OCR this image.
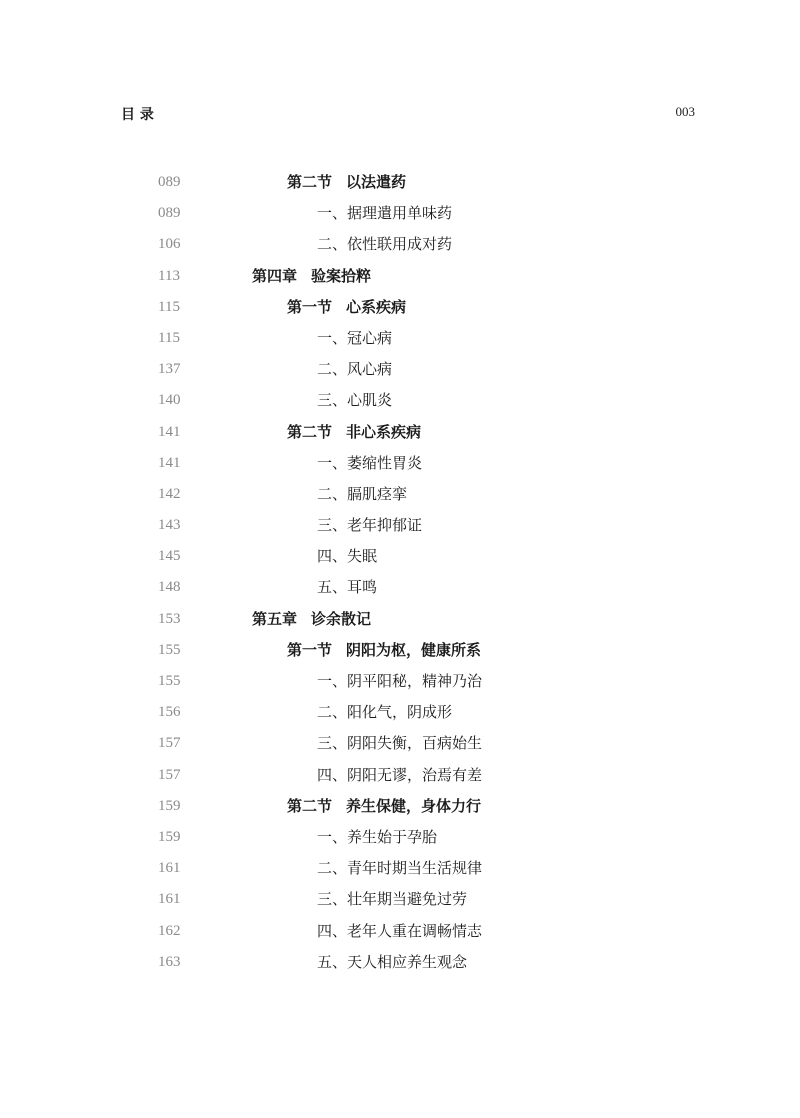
目 录	003
089	第二节 以法遣药
089	一、据理遣用单味药
106	二、依性联用成对药
113	第四章 验案拾粹
115	第一节 心系疾病
115	一、冠心病
137	二、风心病
140	三、心肌炎
141	第二节 非心系疾病
141	一、萎缩性胃炎
142	二、膈肌痉挛
143	三、老年抑郁证
145	四、失眠
148	五、耳鸣
153	第五章 诊余散记
155	第一节 阴阳为枢，健康所系
155	一、阴平阳秘，精神乃治
156	二、阳化气，阴成形
157	三、阴阳失衡，百病始生
157	四、阴阳无谬，治焉有差
159	第二节 养生保健，身体力行
159	一、养生始于孕胎
161	二、青年时期当生活规律
161	三、壮年期当避免过劳
162	四、老年人重在调畅情志
163	五、天人相应养生观念
